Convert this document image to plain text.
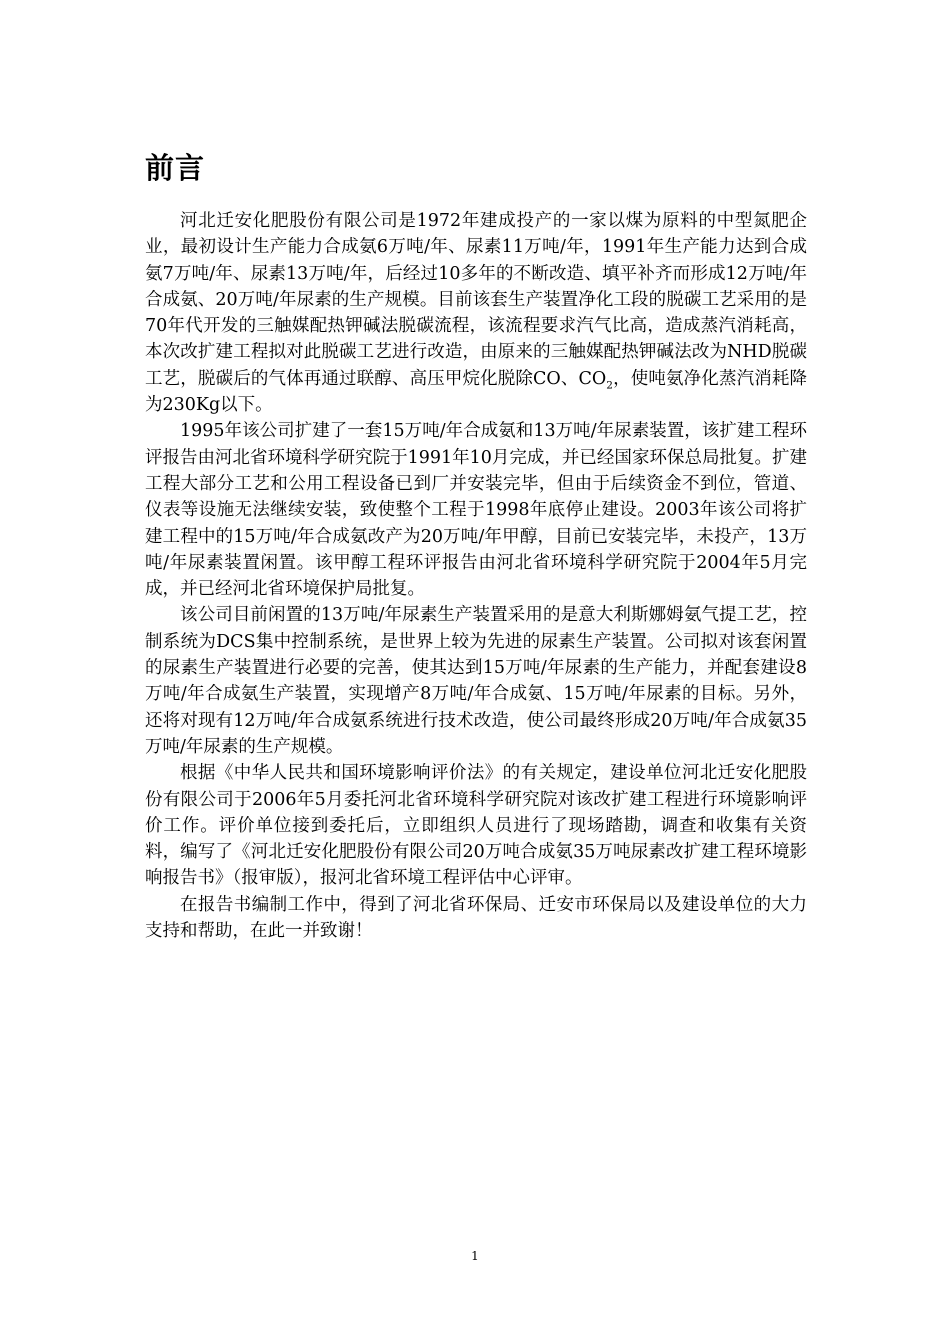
前言

河北迁安化肥股份有限公司是1972年建成投产的一家以煤为原料的中型氮肥企业，最初设计生产能力合成氨6万吨/年、尿素11万吨/年，1991年生产能力达到合成氨7万吨/年、尿素13万吨/年，后经过10多年的不断改造、填平补齐而形成12万吨/年合成氨、20万吨/年尿素的生产规模。目前该套生产装置净化工段的脱碳工艺采用的是70年代开发的三触媒配热钾碱法脱碳流程，该流程要求汽气比高，造成蒸汽消耗高，本次改扩建工程拟对此脱碳工艺进行改造，由原来的三触媒配热钾碱法改为NHD脱碳工艺，脱碳后的气体再通过联醇、高压甲烷化脱除CO、$CO_2$，使吨氨净化蒸汽消耗降为230Kg以下。

1995年该公司扩建了一套15万吨/年合成氨和13万吨/年尿素装置，该扩建工程环评报告由河北省环境科学研究院于1991年10月完成，并已经国家环保总局批复。扩建工程大部分工艺和公用工程设备已到厂并安装完毕，但由于后续资金不到位，管道、仪表等设施无法继续安装，致使整个工程于1998年底停止建设。2003年该公司将扩建工程中的15万吨/年合成氨改产为20万吨/年甲醇，目前已安装完毕，未投产，13万吨/年尿素装置闲置。该甲醇工程环评报告由河北省环境科学研究院于2004年5月完成，并已经河北省环境保护局批复。

该公司目前闲置的13万吨/年尿素生产装置采用的是意大利斯娜姆氨气提工艺，控制系统为DCS集中控制系统，是世界上较为先进的尿素生产装置。公司拟对该套闲置的尿素生产装置进行必要的完善，使其达到15万吨/年尿素的生产能力，并配套建设8万吨/年合成氨生产装置，实现增产8万吨/年合成氨、15万吨/年尿素的目标。另外，还将对现有12万吨/年合成氨系统进行技术改造，使公司最终形成20万吨/年合成氨35万吨/年尿素的生产规模。

根据《中华人民共和国环境影响评价法》的有关规定，建设单位河北迁安化肥股份有限公司于2006年5月委托河北省环境科学研究院对该改扩建工程进行环境影响评价工作。评价单位接到委托后，立即组织人员进行了现场踏勘，调查和收集有关资料，编写了《河北迁安化肥股份有限公司20万吨合成氨35万吨尿素改扩建工程环境影响报告书》（报审版），报河北省环境工程评估中心评审。

在报告书编制工作中，得到了河北省环保局、迁安市环保局以及建设单位的大力支持和帮助，在此一并致谢！

1
